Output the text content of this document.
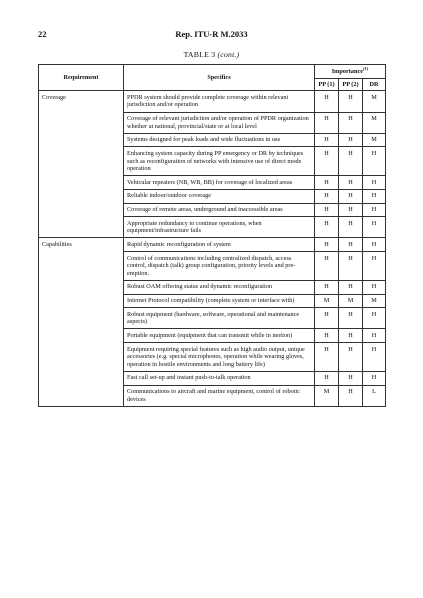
22	Rep. ITU-R M.2033
TABLE 3 (cont.)
Requirement	Specifics	Importance$^{(1)}$
		PP (1)	PP (2)	DR
Coverage	PPDR system should provide complete coverage within relevant jurisdiction and/or operation	H	H	M
	Coverage of relevant jurisdiction and/or operation of PPDR organization whether at national, provincial/state or at local level	H	H	M
	Systems designed for peak loads and wide fluctuations in use	H	H	M
	Enhancing system capacity during PP emergency or DR by techniques such as reconfiguration of networks with intensive use of direct mode operation	H	H	H
	Vehicular repeaters (NB, WB, BB) for coverage of localized areas	H	H	H
	Reliable indoor/outdoor coverage	H	H	H
	Coverage of remote areas, underground and inaccessible areas	H	H	H
	Appropriate redundancy to continue operations, when equipment/infrastructure fails	H	H	H
Capabilities	Rapid dynamic reconfiguration of system	H	H	H
	Control of communications including centralized dispatch, access control, dispatch (talk) group configuration, priority levels and pre-emption.	H	H	H
	Robust OAM offering status and dynamic reconfiguration	H	H	H
	Internet Protocol compatibility (complete system or interface with)	M	M	M
	Robust equipment (hardware, software, operational and maintenance aspects)	H	H	H
	Portable equipment (equipment that can transmit while in motion)	H	H	H
	Equipment requiring special features such as high audio output, unique accessories (e.g. special microphones, operation while wearing gloves, operation in hostile environments and long battery life)	H	H	H
	Fast call set-up and instant push-to-talk operation	H	H	H
	Communications to aircraft and marine equipment, control of robotic devices	M	H	L
